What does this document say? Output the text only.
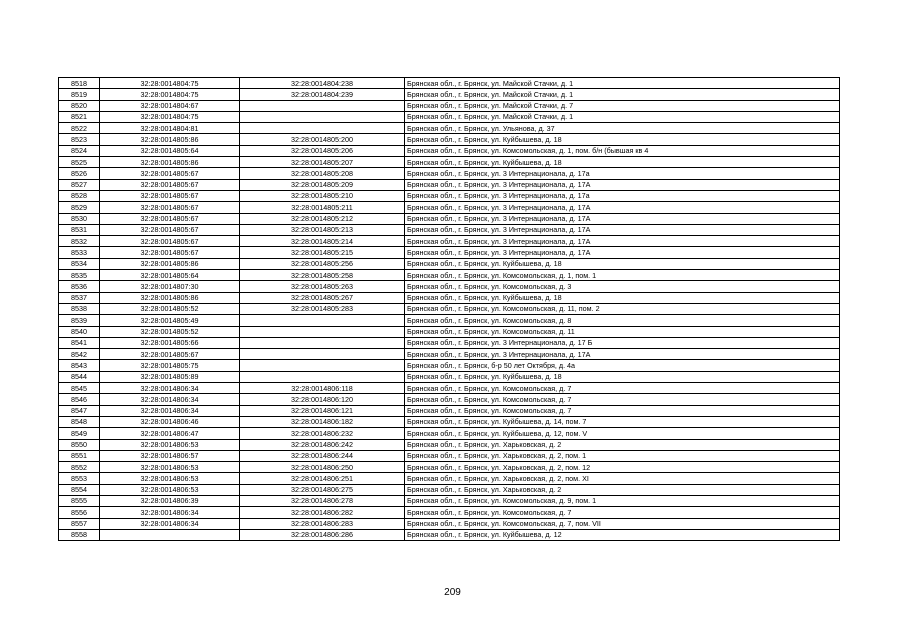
8518	32:28:0014804:75	32:28:0014804:238	Брянская обл., г. Брянск, ул. Майской Стачки, д. 1
8519	32:28:0014804:75	32:28:0014804:239	Брянская обл., г. Брянск, ул. Майской Стачки, д. 1
8520	32:28:0014804:67		Брянская обл., г. Брянск, ул. Майской Стачки, д. 7
8521	32:28:0014804:75		Брянская обл., г. Брянск, ул. Майской Стачки, д. 1
8522	32:28:0014804:81		Брянская обл., г. Брянск, ул. Ульянова, д. 37
8523	32:28:0014805:86	32:28:0014805:200	Брянская обл., г. Брянск, ул. Куйбышева, д. 18
8524	32:28:0014805:64	32:28:0014805:206	Брянская обл., г. Брянск, ул. Комсомольская, д. 1, пом. б/н (бывшая кв 4
8525	32:28:0014805:86	32:28:0014805:207	Брянская обл., г. Брянск, ул. Куйбышева, д. 18
8526	32:28:0014805:67	32:28:0014805:208	Брянская обл., г. Брянск, ул. 3 Интернационала, д. 17а
8527	32:28:0014805:67	32:28:0014805:209	Брянская обл., г. Брянск, ул. 3 Интернационала, д. 17А
8528	32:28:0014805:67	32:28:0014805:210	Брянская обл., г. Брянск, ул. 3 Интернационала, д. 17а
8529	32:28:0014805:67	32:28:0014805:211	Брянская обл., г. Брянск, ул. 3 Интернационала, д. 17А
8530	32:28:0014805:67	32:28:0014805:212	Брянская обл., г. Брянск, ул. 3 Интернационала, д. 17А
8531	32:28:0014805:67	32:28:0014805:213	Брянская обл., г. Брянск, ул. 3 Интернационала, д. 17А
8532	32:28:0014805:67	32:28:0014805:214	Брянская обл., г. Брянск, ул. 3 Интернационала, д. 17А
8533	32:28:0014805:67	32:28:0014805:215	Брянская обл., г. Брянск, ул. 3 Интернационала, д. 17А
8534	32:28:0014805:86	32:28:0014805:256	Брянская обл., г. Брянск, ул. Куйбышева, д. 18
8535	32:28:0014805:64	32:28:0014805:258	Брянская обл., г. Брянск, ул. Комсомольская, д. 1, пом. 1
8536	32:28:0014807:30	32:28:0014805:263	Брянская обл., г. Брянск, ул. Комсомольская, д. 3
8537	32:28:0014805:86	32:28:0014805:267	Брянская обл., г. Брянск, ул. Куйбышева, д. 18
8538	32:28:0014805:52	32:28:0014805:283	Брянская обл., г. Брянск, ул. Комсомольская, д. 11, пом. 2
8539	32:28:0014805:49		Брянская обл., г. Брянск, ул. Комсомольская, д. 8
8540	32:28:0014805:52		Брянская обл., г. Брянск, ул. Комсомольская, д. 11
8541	32:28:0014805:66		Брянская обл., г. Брянск, ул. 3 Интернационала, д. 17 Б
8542	32:28:0014805:67		Брянская обл., г. Брянск, ул. 3 Интернационала, д. 17А
8543	32:28:0014805:75		Брянская обл., г. Брянск, б-р 50 лет Октября, д. 4а
8544	32:28:0014805:89		Брянская обл., г. Брянск, ул. Куйбышева, д. 18
8545	32:28:0014806:34	32:28:0014806:118	Брянская обл., г. Брянск, ул. Комсомольская, д. 7
8546	32:28:0014806:34	32:28:0014806:120	Брянская обл., г. Брянск, ул. Комсомольская, д. 7
8547	32:28:0014806:34	32:28:0014806:121	Брянская обл., г. Брянск, ул. Комсомольская, д. 7
8548	32:28:0014806:46	32:28:0014806:182	Брянская обл., г. Брянск, ул. Куйбышева, д. 14, пом. 7
8549	32:28:0014806:47	32:28:0014806:232	Брянская обл., г. Брянск, ул. Куйбышева, д. 12, пом. V
8550	32:28:0014806:53	32:28:0014806:242	Брянская обл., г. Брянск, ул. Харьковская, д. 2
8551	32:28:0014806:57	32:28:0014806:244	Брянская обл., г. Брянск, ул. Харьковская, д. 2, пом. 1
8552	32:28:0014806:53	32:28:0014806:250	Брянская обл., г. Брянск, ул. Харьковская, д. 2, пом. 12
8553	32:28:0014806:53	32:28:0014806:251	Брянская обл., г. Брянск, ул. Харьковская, д. 2, пом. XI
8554	32:28:0014806:53	32:28:0014806:275	Брянская обл., г. Брянск, ул. Харьковская, д. 2
8555	32:28:0014806:39	32:28:0014806:278	Брянская обл., г. Брянск, ул. Комсомольская, д. 9, пом. 1
8556	32:28:0014806:34	32:28:0014806:282	Брянская обл., г. Брянск, ул. Комсомольская, д. 7
8557	32:28:0014806:34	32:28:0014806:283	Брянская обл., г. Брянск, ул. Комсомольская, д. 7, пом. VII
8558		32:28:0014806:286	Брянская обл., г. Брянск, ул. Куйбышева, д. 12
209
